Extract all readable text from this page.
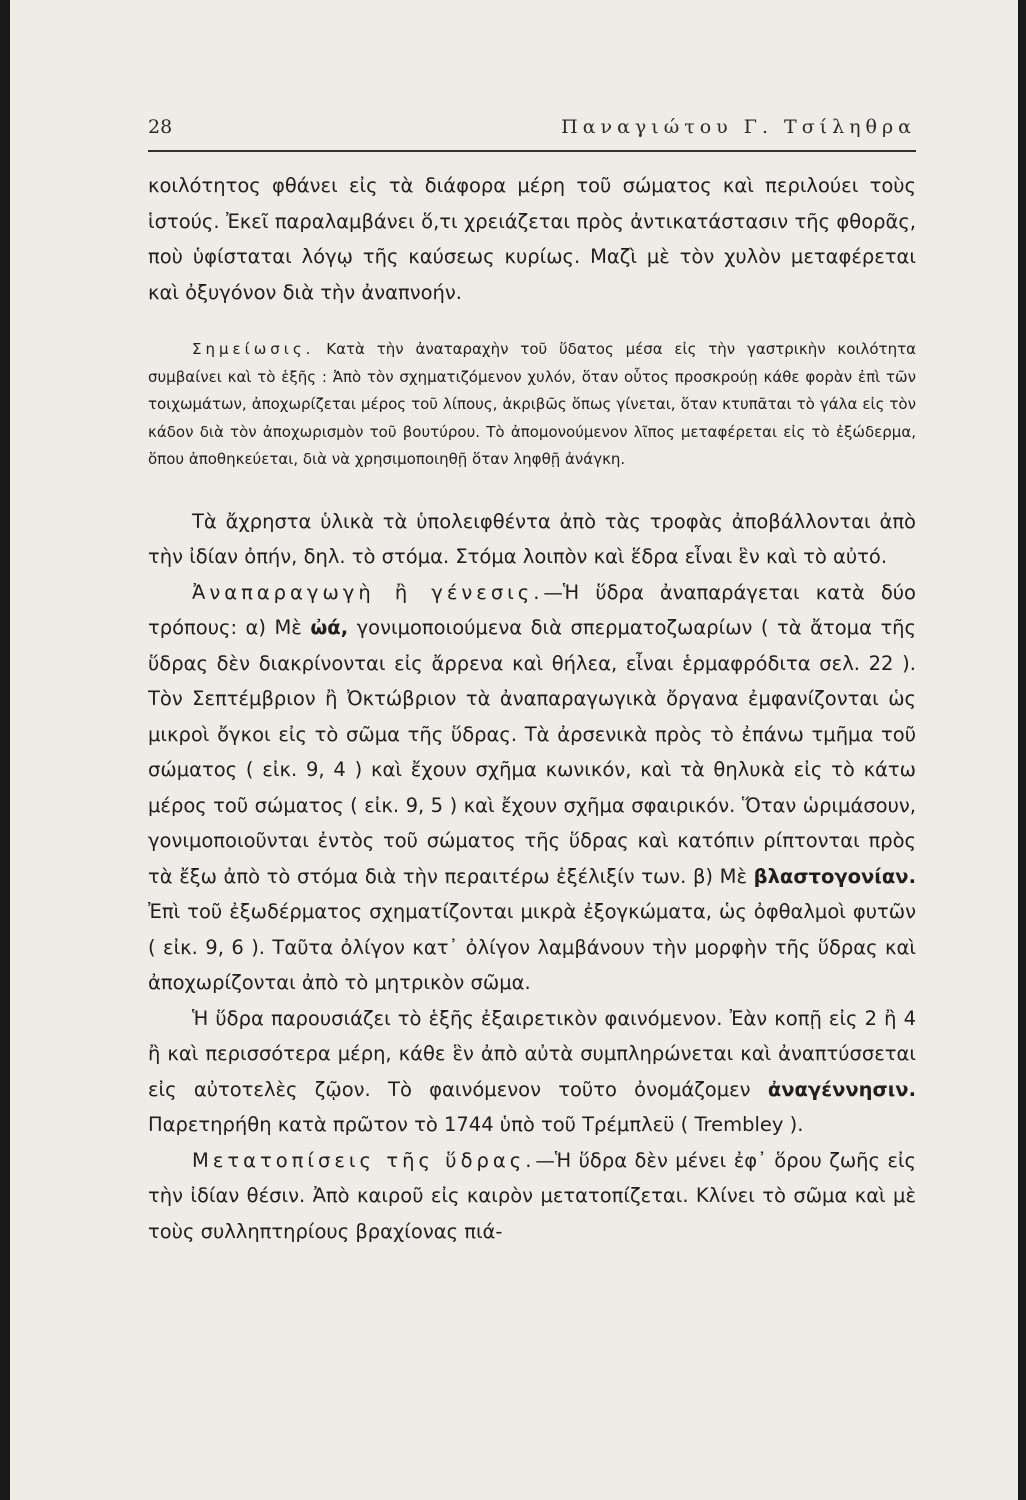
28	Παναγιώτου Γ. Τσίληθρα

κοιλότητος φθάνει εἰς τὰ διάφορα μέρη τοῦ σώματος καὶ περιλούει τοὺς ἱστούς. Ἐκεῖ παραλαμβάνει ὅ,τι χρειάζεται πρὸς ἀντικατάστασιν τῆς φθορᾶς, ποὺ ὑφίσταται λόγῳ τῆς καύσεως κυρίως. Μαζὶ μὲ τὸν χυλὸν μεταφέρεται καὶ ὀξυγόνον διὰ τὴν ἀναπνοήν.

Σημείωσις. Κατὰ τὴν ἀναταραχὴν τοῦ ὕδατος μέσα εἰς τὴν γαστρικὴν κοιλότητα συμβαίνει καὶ τὸ ἑξῆς : Ἀπὸ τὸν σχηματιζόμενον χυλόν, ὅταν οὗτος προσκρούῃ κάθε φορὰν ἐπὶ τῶν τοιχωμάτων, ἀποχωρίζεται μέρος τοῦ λίπους, ἀκριβῶς ὅπως γίνεται, ὅταν κτυπᾶται τὸ γάλα εἰς τὸν κάδον διὰ τὸν ἀποχωρισμὸν τοῦ βουτύρου. Τὸ ἀπομονούμενον λῖπος μεταφέρεται εἰς τὸ ἐξώδερμα, ὅπου ἀποθηκεύεται, διὰ νὰ χρησιμοποιηθῇ ὅταν ληφθῇ ἀνάγκη.

Τὰ ἄχρηστα ὑλικὰ τὰ ὑπολειφθέντα ἀπὸ τὰς τροφὰς ἀποβάλλονται ἀπὸ τὴν ἰδίαν ὀπήν, δηλ. τὸ στόμα. Στόμα λοιπὸν καὶ ἕδρα εἶναι ἓν καὶ τὸ αὐτό.

Ἀναπαραγωγὴ ἢ γένεσις.—Ἡ ὕδρα ἀναπαράγεται κατὰ δύο τρόπους: α) Μὲ ὠά, γονιμοποιούμενα διὰ σπερματοζωαρίων ( τὰ ἄτομα τῆς ὕδρας δὲν διακρίνονται εἰς ἄρρενα καὶ θήλεα, εἶναι ἑρμαφρόδιτα σελ. 22 ). Τὸν Σεπτέμβριον ἢ Ὀκτώβριον τὰ ἀναπαραγωγικὰ ὄργανα ἐμφανίζονται ὡς μικροὶ ὄγκοι εἰς τὸ σῶμα τῆς ὕδρας. Τὰ ἀρσενικὰ πρὸς τὸ ἐπάνω τμῆμα τοῦ σώματος ( εἰκ. 9, 4 ) καὶ ἔχουν σχῆμα κωνικόν, καὶ τὰ θηλυκὰ εἰς τὸ κάτω μέρος τοῦ σώματος ( εἰκ. 9, 5 ) καὶ ἔχουν σχῆμα σφαιρικόν. Ὅταν ὡριμάσουν, γονιμοποιοῦνται ἐντὸς τοῦ σώματος τῆς ὕδρας καὶ κατόπιν ρίπτονται πρὸς τὰ ἔξω ἀπὸ τὸ στόμα διὰ τὴν περαιτέρω ἐξέλιξίν των. β) Μὲ βλαστογονίαν. Ἐπὶ τοῦ ἐξωδέρματος σχηματίζονται μικρὰ ἐξογκώματα, ὡς ὀφθαλμοὶ φυτῶν ( εἰκ. 9, 6 ). Ταῦτα ὀλίγον κατ᾽ ὀλίγον λαμβάνουν τὴν μορφὴν τῆς ὕδρας καὶ ἀποχωρίζονται ἀπὸ τὸ μητρικὸν σῶμα.

Ἡ ὕδρα παρουσιάζει τὸ ἑξῆς ἐξαιρετικὸν φαινόμενον. Ἐὰν κοπῇ εἰς 2 ἢ 4 ἢ καὶ περισσότερα μέρη, κάθε ἓν ἀπὸ αὐτὰ συμπληρώνεται καὶ ἀναπτύσσεται εἰς αὐτοτελὲς ζῷον. Τὸ φαινόμενον τοῦτο ὀνομάζομεν ἀναγέννησιν. Παρετηρήθη κατὰ πρῶτον τὸ 1744 ὑπὸ τοῦ Τρέμπλεϋ ( Trembley ).

Μετατοπίσεις τῆς ὕδρας.—Ἡ ὕδρα δὲν μένει ἐφ᾽ ὅρου ζωῆς εἰς τὴν ἰδίαν θέσιν. Ἀπὸ καιροῦ εἰς καιρὸν μετατοπίζεται. Κλίνει τὸ σῶμα καὶ μὲ τοὺς συλληπτηρίους βραχίονας πιά-
